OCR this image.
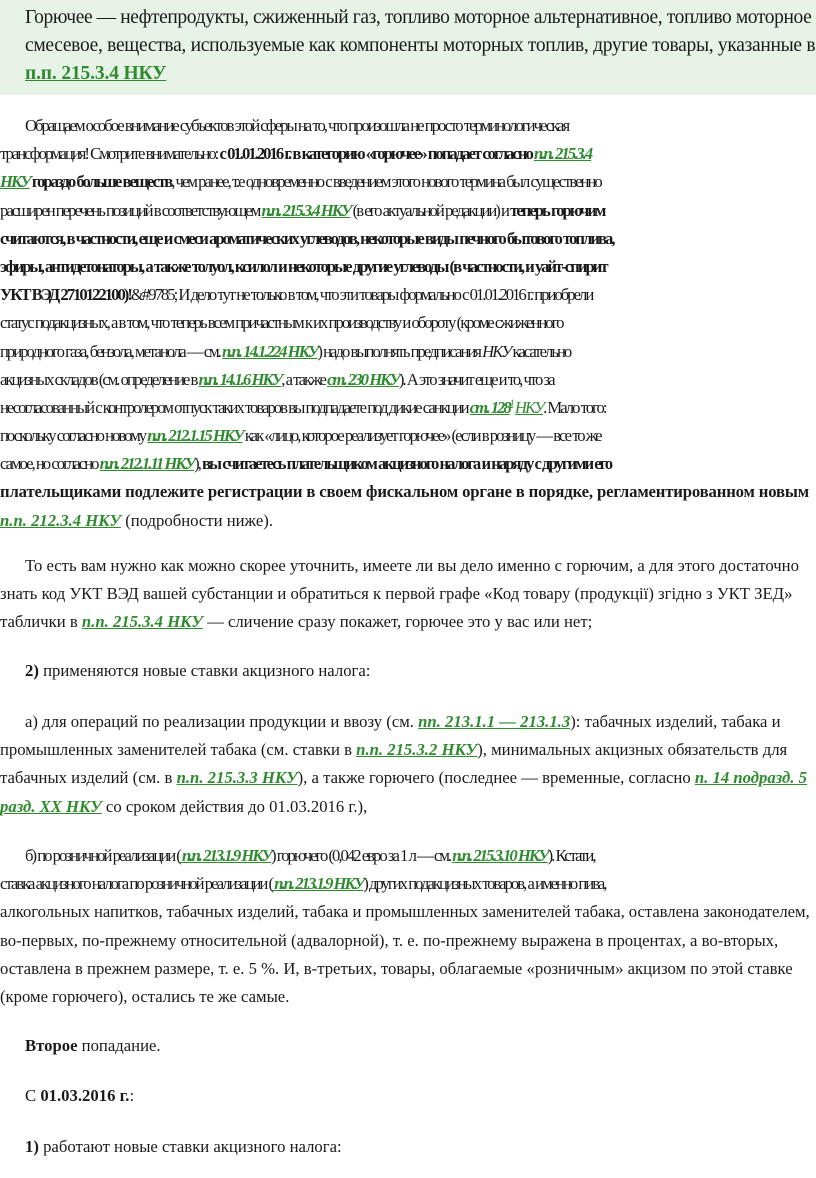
Горючее — нефтепродукты, сжиженный газ, топливо моторное альтернативное, топливо моторное
смесевое, вещества, используемые как компоненты моторных топлив, другие товары, указанные в
п.п. 215.3.4 НКУ
Обращаем особое внимание субъектов этой сферы на то, что произошла не просто терминологическая
трансформация! Смотрите внимательно: с 01.01.2016 г. в категорию «горючее» попадает согласно п.п. 215.3.4
НКУ гораздо больше веществ, чем ранее, т.е одновременно с введением этого нового термина был существенно
расширен перечень позиций в соответствующем п.п. 215.3.4 НКУ (в его актуальной редакции) и теперь горючим
считаются, в частности, еще и смеси ароматических углеводов, некоторые виды печного бытового топлива,
эфиры, антидетонаторы, а также толуол, ксилол и некоторые другие углеводы (в частности, и уайт-спирит
УКТ ВЭД 2710122100)!&#9785; И дело тут не только в том, что эти товары формально с 01.01.2016 г. приобрели
статус подакцизных, а в том, что теперь всем причастным к их производству и обороту (кроме сжиженного
природного газа, бензола, метанола — см. п.п. 14.1.224 НКУ) надо выполнять предписания НКУ касательно
акцизных складов (см. определение в п.п. 14.1.6 НКУ, а также ст. 230 НКУ). А это значит еще и то, что за
несогласованный с контролером отпуск таких товаров вы подпадаете под дикие санкции ст. $128^1$ НКУ. Мало того:
поскольку согласно новому п.п. 212.1.15 НКУ как «лицо, которое реализует горючее» (если в розницу — все то же
самое, но согласно п.п. 212.1.11 НКУ), вы считаетесь плательщиком акцизного налога и наряду с другими его
плательщиками подлежите регистрации в своем фискальном органе в порядке, регламентированном новым
п.п. 212.3.4 НКУ (подробности ниже).
То есть вам нужно как можно скорее уточнить, имеете ли вы дело именно с горючим, а для этого достаточно
знать код УКТ ВЭД вашей субстанции и обратиться к первой графе «Код товару (продукції) згідно з УКТ ЗЕД»
таблички в п.п. 215.3.4 НКУ — сличение сразу покажет, горючее это у вас или нет;
2) применяются новые ставки акцизного налога:
а) для операций по реализации продукции и ввозу (см. пп. 213.1.1 — 213.1.3): табачных изделий, табака и
промышленных заменителей табака (см. ставки в п.п. 215.3.2 НКУ), минимальных акцизных обязательств для
табачных изделий (см. в п.п. 215.3.3 НКУ), а также горючего (последнее — временные, согласно п. 14 подразд. 5
разд. XX НКУ со сроком действия до 01.03.2016 г.),
б) по розничной реализации ( п.п. 213.1.9 НКУ) горючего (0,042 евро за 1 л — см. п.п. 215.3.10 НКУ). Кстати,
ставка акцизного налога по розничной реализации ( п.п. 213.1.9 НКУ) других подакцизных товаров, а именно пива,
алкогольных напитков, табачных изделий, табака и промышленных заменителей табака, оставлена законодателем,
во-первых, по-прежнему относительной (адвалорной), т. е. по-прежнему выражена в процентах, а во-вторых,
оставлена в прежнем размере, т. е. 5 %. И, в-третьих, товары, облагаемые «розничным» акцизом по этой ставке
(кроме горючего), остались те же самые.
Второе попадание.
С 01.03.2016 г.:
1) работают новые ставки акцизного налога:
